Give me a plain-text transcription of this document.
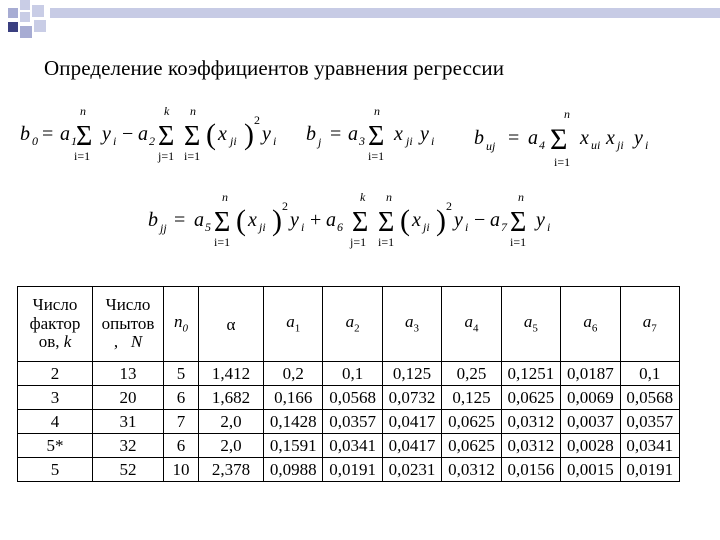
Определение коэффициентов уравнения регрессии
b 0 = a 1
n
Σ
i=1
y i − a 2
k
Σ
j=1
n
Σ
i=1
( x ji ) 2
y i b j = a 3
n
Σ
i=1
x ji y i b uj = a 4
n
Σ
i=1
x ui x ji y i
b jj = a 5
n
Σ
i=1
( x ji ) 2
y i + a 6
k
Σ
j=1
n
Σ
i=1
( x ji ) 2
y i − a 7
n
Σ
i=1
y i
Число
фактор
ов, k	Число
опытов
, N	$n_0$	α	$a_1$	$a_2$	$a_3$	$a_4$	$a_5$	$a_6$	$a_7$
2	13	5	1,412	0,2	0,1	0,125	0,25	0,1251	0,0187	0,1
3	20	6	1,682	0,166	0,0568	0,0732	0,125	0,0625	0,0069	0,0568
4	31	7	2,0	0,1428	0,0357	0,0417	0,0625	0,0312	0,0037	0,0357
5*	32	6	2,0	0,1591	0,0341	0,0417	0,0625	0,0312	0,0028	0,0341
5	52	10	2,378	0,0988	0,0191	0,0231	0,0312	0,0156	0,0015	0,0191
